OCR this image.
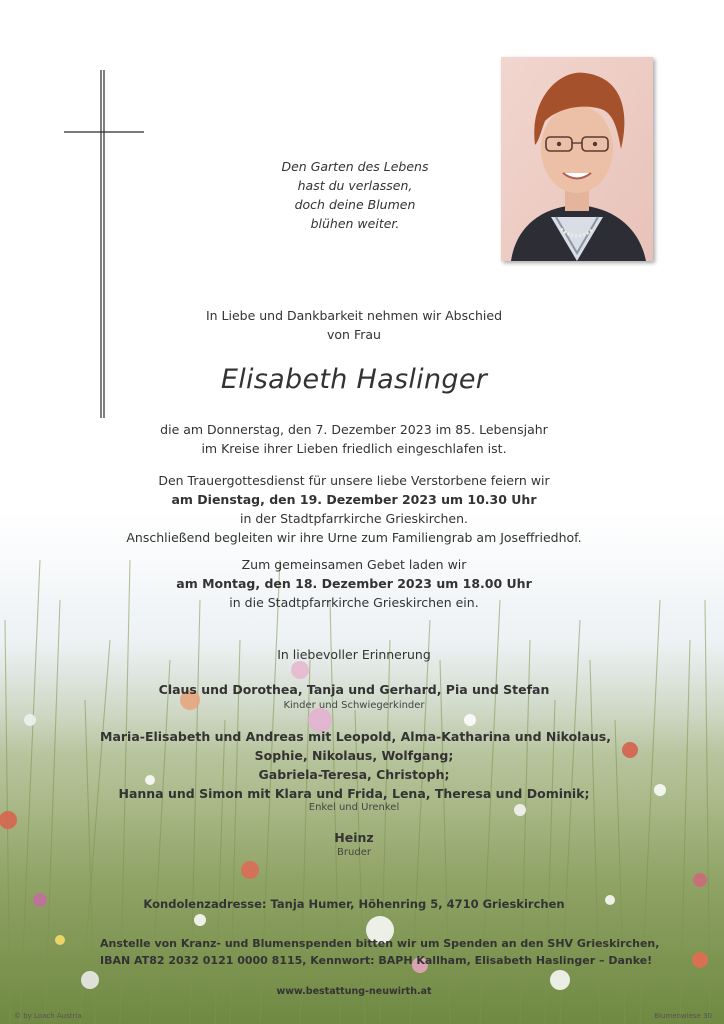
Den Garten des Lebens
hast du verlassen,
doch deine Blumen
blühen weiter.
In Liebe und Dankbarkeit nehmen wir Abschied
von Frau
Elisabeth Haslinger
die am Donnerstag, den 7. Dezember 2023 im 85. Lebensjahr
im Kreise ihrer Lieben friedlich eingeschlafen ist.
Den Trauergottesdienst für unsere liebe Verstorbene feiern wir
am Dienstag, den 19. Dezember 2023 um 10.30 Uhr
in der Stadtpfarrkirche Grieskirchen.
Anschließend begleiten wir ihre Urne zum Familiengrab am Joseffriedhof.
Zum gemeinsamen Gebet laden wir
am Montag, den 18. Dezember 2023 um 18.00 Uhr
in die Stadtpfarrkirche Grieskirchen ein.
In liebevoller Erinnerung
Claus und Dorothea, Tanja und Gerhard, Pia und Stefan
Kinder und Schwiegerkinder
Maria-Elisabeth und Andreas mit Leopold, Alma-Katharina und Nikolaus,
Sophie, Nikolaus, Wolfgang;
Gabriela-Teresa, Christoph;
Hanna und Simon mit Klara und Frida, Lena, Theresa und Dominik;
Enkel und Urenkel
Heinz
Bruder
Kondolenzadresse: Tanja Humer, Höhenring 5, 4710 Grieskirchen
Anstelle von Kranz- und Blumenspenden bitten wir um Spenden an den SHV Grieskirchen,
IBAN AT82 2032 0121 0000 8115, Kennwort: BAPH Kallham, Elisabeth Haslinger – Danke!
www.bestattung-neuwirth.at
© by Loach Austria	Blumenwiese 30
